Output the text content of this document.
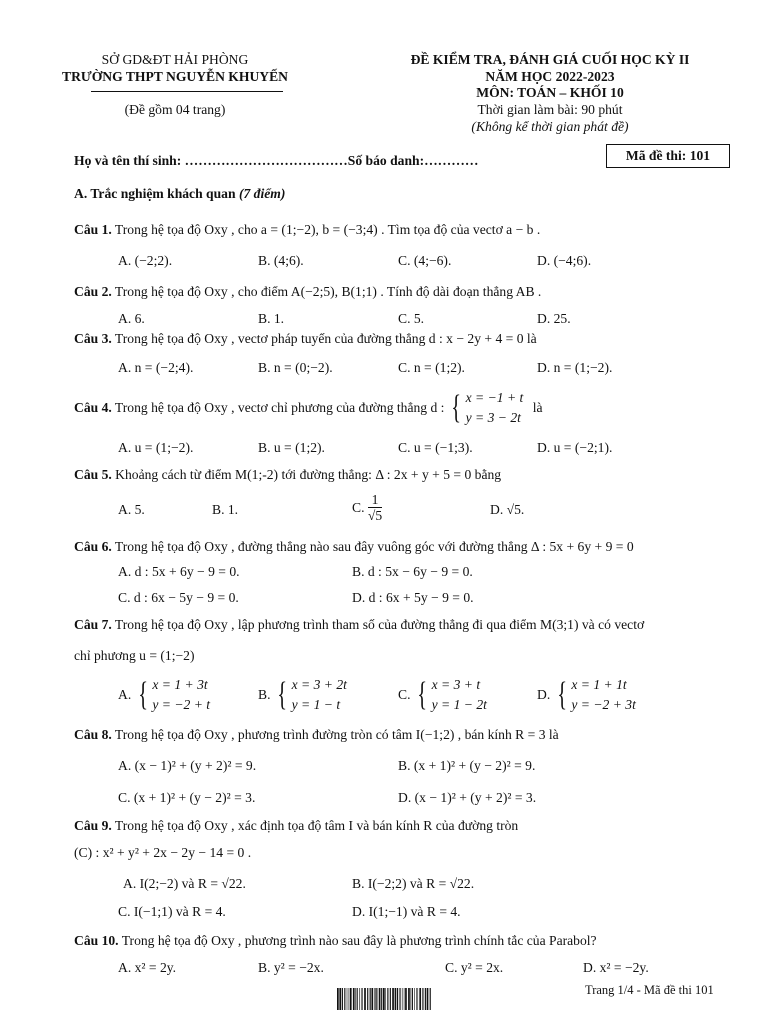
SỞ GD&ĐT HẢI PHÒNG
TRƯỜNG THPT NGUYỄN KHUYẾN
(Đề gồm 04 trang)
ĐỀ KIỂM TRA, ĐÁNH GIÁ CUỐI HỌC KỲ II
NĂM HỌC 2022-2023
MÔN: TOÁN – KHỐI 10
Thời gian làm bài: 90 phút
(Không kể thời gian phát đề)
Họ và tên thí sinh: ………………………………Số báo danh:…………	Mã đề thi: 101
A. Trắc nghiệm khách quan (7 điểm)
Câu 1. Trong hệ tọa độ Oxy , cho a = (1;−2), b = (−3;4) . Tìm tọa độ của vectơ a − b .
A. (−2;2).	B. (4;6).	C. (4;−6).	D. (−4;6).
Câu 2. Trong hệ tọa độ Oxy , cho điểm A(−2;5), B(1;1) . Tính độ dài đoạn thẳng AB .
A. 6.	B. 1.	C. 5.	D. 25.
Câu 3. Trong hệ tọa độ Oxy , vectơ pháp tuyến của đường thẳng d : x − 2y + 4 = 0 là
A. n = (−2;4).	B. n = (0;−2).	C. n = (1;2).	D. n = (1;−2).
Câu 4. Trong hệ tọa độ Oxy , vectơ chỉ phương của đường thẳng d : { x = −1 + t
y = 3 − 2t
là
A. u = (1;−2).	B. u = (1;2).	C. u = (−1;3).	D. u = (−2;1).
Câu 5. Khoảng cách từ điểm M(1;-2) tới đường thẳng: Δ : 2x + y + 5 = 0 bằng
A. 5.	B. 1.	C. $\frac{1}{√5}$	D. √5.
Câu 6. Trong hệ tọa độ Oxy , đường thẳng nào sau đây vuông góc với đường thẳng Δ : 5x + 6y + 9 = 0
A. d : 5x + 6y − 9 = 0.	B. d : 5x − 6y − 9 = 0.
C. d : 6x − 5y − 9 = 0.	D. d : 6x + 5y − 9 = 0.
Câu 7. Trong hệ tọa độ Oxy , lập phương trình tham số của đường thẳng đi qua điểm M(3;1) và có vectơ
chỉ phương u = (1;−2)
A. { x = 1 + 3t
y = −2 + t
B. { x = 3 + 2t
y = 1 − t
C. { x = 3 + t
y = 1 − 2t
D. { x = 1 + 1t
y = −2 + 3t
Câu 8. Trong hệ tọa độ Oxy , phương trình đường tròn có tâm I(−1;2) , bán kính R = 3 là
A. (x − 1)² + (y + 2)² = 9.	B. (x + 1)² + (y − 2)² = 9.
C. (x + 1)² + (y − 2)² = 3.	D. (x − 1)² + (y + 2)² = 3.
Câu 9. Trong hệ tọa độ Oxy , xác định tọa độ tâm I và bán kính R của đường tròn
(C) : x² + y² + 2x − 2y − 14 = 0 .
A. I(2;−2) và R = √22.	B. I(−2;2) và R = √22.
C. I(−1;1) và R = 4.	D. I(1;−1) và R = 4.
Câu 10. Trong hệ tọa độ Oxy , phương trình nào sau đây là phương trình chính tắc của Parabol?
A. x² = 2y.	B. y² = −2x.	C. y² = 2x.	D. x² = −2y.
Trang 1/4 - Mã đề thi 101
